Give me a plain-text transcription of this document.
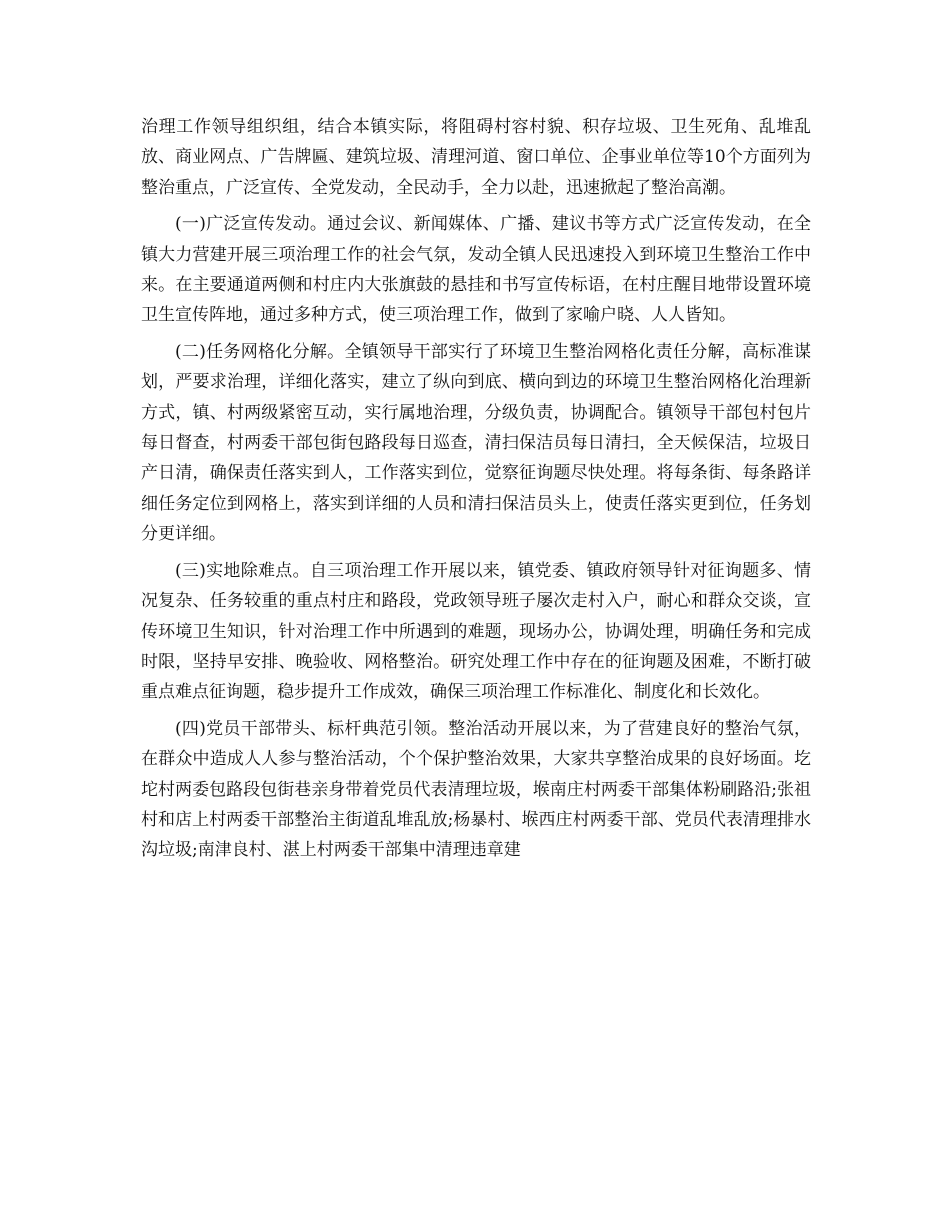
治理工作领导组织组，结合本镇实际，将阻碍村容村貌、积存垃圾、卫生死角、乱堆乱放、商业网点、广告牌匾、建筑垃圾、清理河道、窗口单位、企事业单位等10个方面列为整治重点，广泛宣传、全党发动，全民动手，全力以赴，迅速掀起了整治高潮。

(一)广泛宣传发动。通过会议、新闻媒体、广播、建议书等方式广泛宣传发动，在全镇大力营建开展三项治理工作的社会气氛，发动全镇人民迅速投入到环境卫生整治工作中来。在主要通道两侧和村庄内大张旗鼓的悬挂和书写宣传标语，在村庄醒目地带设置环境卫生宣传阵地，通过多种方式，使三项治理工作，做到了家喻户晓、人人皆知。

(二)任务网格化分解。全镇领导干部实行了环境卫生整治网格化责任分解，高标准谋划，严要求治理，详细化落实，建立了纵向到底、横向到边的环境卫生整治网格化治理新方式，镇、村两级紧密互动，实行属地治理，分级负责，协调配合。镇领导干部包村包片每日督查，村两委干部包街包路段每日巡查，清扫保洁员每日清扫，全天候保洁，垃圾日产日清，确保责任落实到人，工作落实到位，觉察征询题尽快处理。将每条街、每条路详细任务定位到网格上，落实到详细的人员和清扫保洁员头上，使责任落实更到位，任务划分更详细。

(三)实地除难点。自三项治理工作开展以来，镇党委、镇政府领导针对征询题多、情况复杂、任务较重的重点村庄和路段，党政领导班子屡次走村入户，耐心和群众交谈，宣传环境卫生知识，针对治理工作中所遇到的难题，现场办公，协调处理，明确任务和完成时限，坚持早安排、晚验收、网格整治。研究处理工作中存在的征询题及困难，不断打破重点难点征询题，稳步提升工作成效，确保三项治理工作标准化、制度化和长效化。

(四)党员干部带头、标杆典范引领。整治活动开展以来，为了营建良好的整治气氛，在群众中造成人人参与整治活动，个个保护整治效果，大家共享整治成果的良好场面。圪坨村两委包路段包街巷亲身带着党员代表清理垃圾，堠南庄村两委干部集体粉刷路沿;张祖村和店上村两委干部整治主街道乱堆乱放;杨暴村、堠西庄村两委干部、党员代表清理排水沟垃圾;南津良村、湛上村两委干部集中清理违章建
